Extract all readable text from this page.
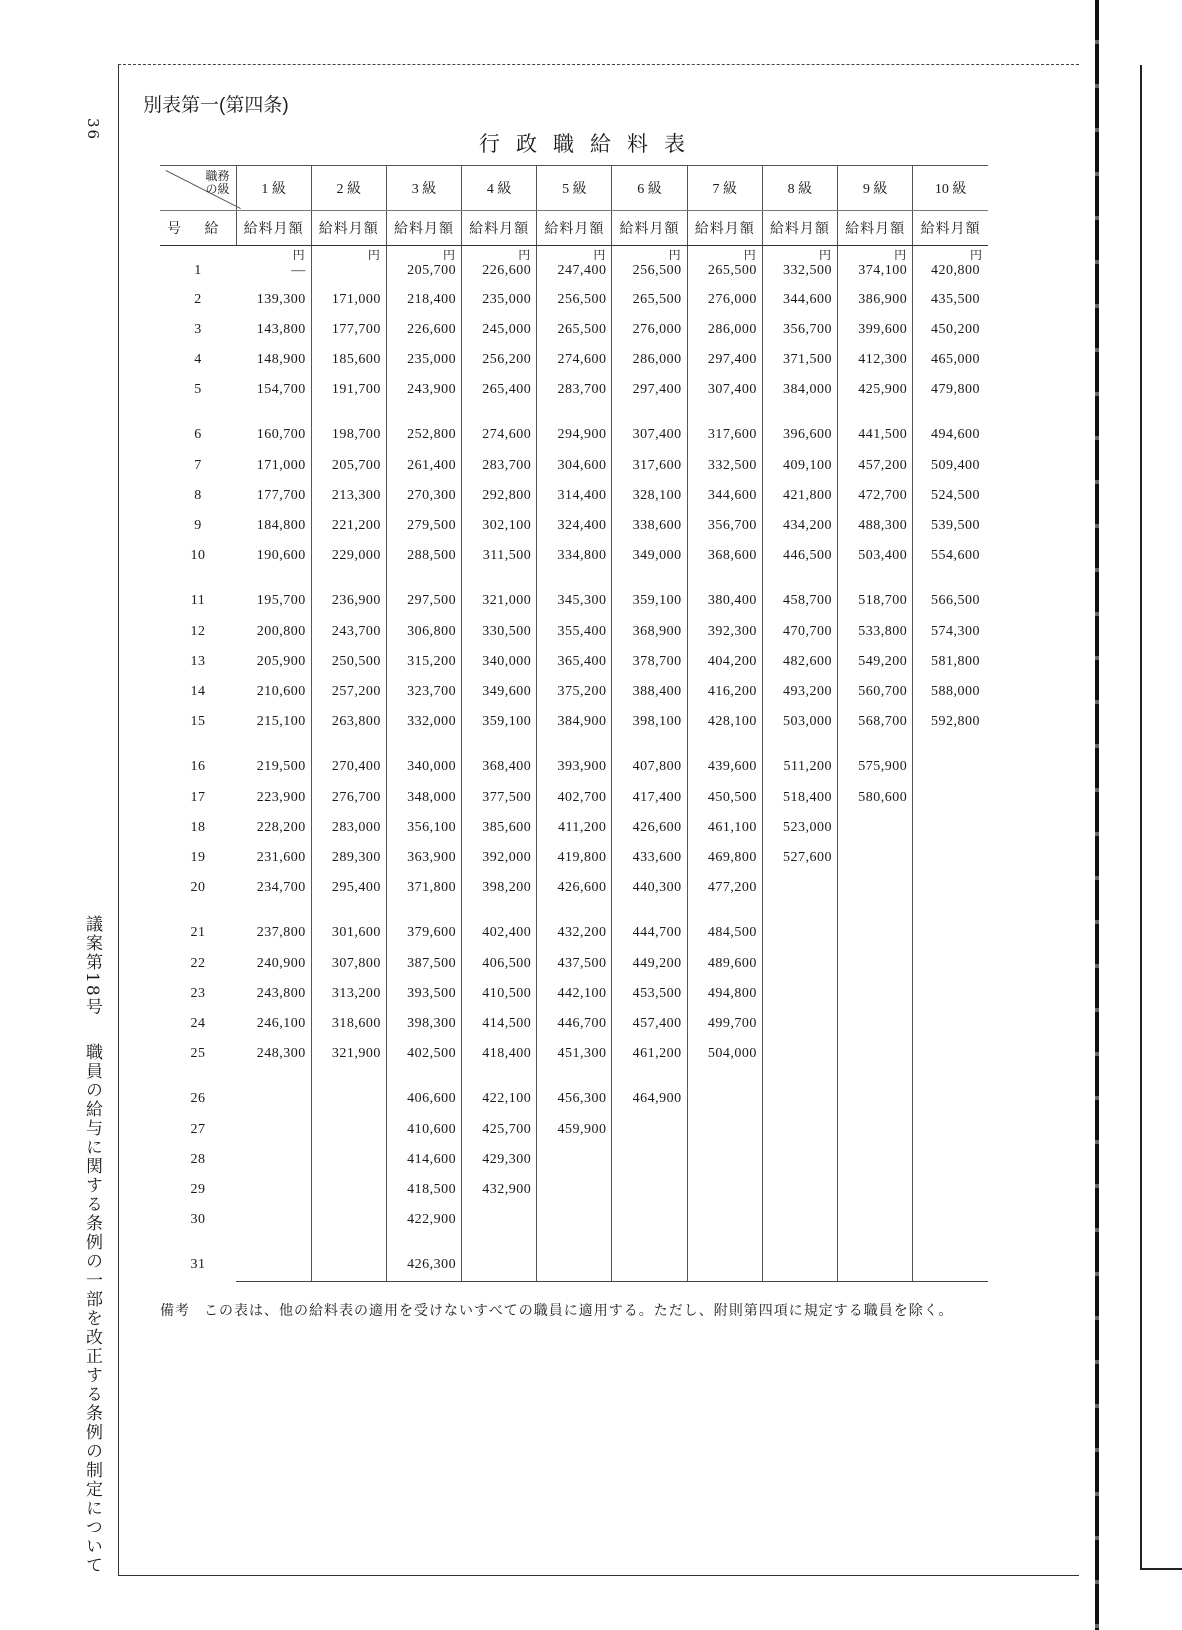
36
議案第18号職員の給与に関する条例の一部を改正する条例の制定について
別表第一(第四条)
行政職給料表
職務
の級	1 級	2 級	3 級	4 級	5 級	6 級	7 級	8 級	9 級	10 級
号 給	給料月額	給料月額	給料月額	給料月額	給料月額	給料月額	給料月額	給料月額	給料月額	給料月額
	円	円	円	円	円	円	円	円	円	円
1	—		205,700	226,600	247,400	256,500	265,500	332,500	374,100	420,800
2	139,300	171,000	218,400	235,000	256,500	265,500	276,000	344,600	386,900	435,500
3	143,800	177,700	226,600	245,000	265,500	276,000	286,000	356,700	399,600	450,200
4	148,900	185,600	235,000	256,200	274,600	286,000	297,400	371,500	412,300	465,000
5	154,700	191,700	243,900	265,400	283,700	297,400	307,400	384,000	425,900	479,800
6	160,700	198,700	252,800	274,600	294,900	307,400	317,600	396,600	441,500	494,600
7	171,000	205,700	261,400	283,700	304,600	317,600	332,500	409,100	457,200	509,400
8	177,700	213,300	270,300	292,800	314,400	328,100	344,600	421,800	472,700	524,500
9	184,800	221,200	279,500	302,100	324,400	338,600	356,700	434,200	488,300	539,500
10	190,600	229,000	288,500	311,500	334,800	349,000	368,600	446,500	503,400	554,600
11	195,700	236,900	297,500	321,000	345,300	359,100	380,400	458,700	518,700	566,500
12	200,800	243,700	306,800	330,500	355,400	368,900	392,300	470,700	533,800	574,300
13	205,900	250,500	315,200	340,000	365,400	378,700	404,200	482,600	549,200	581,800
14	210,600	257,200	323,700	349,600	375,200	388,400	416,200	493,200	560,700	588,000
15	215,100	263,800	332,000	359,100	384,900	398,100	428,100	503,000	568,700	592,800
16	219,500	270,400	340,000	368,400	393,900	407,800	439,600	511,200	575,900	
17	223,900	276,700	348,000	377,500	402,700	417,400	450,500	518,400	580,600	
18	228,200	283,000	356,100	385,600	411,200	426,600	461,100	523,000		
19	231,600	289,300	363,900	392,000	419,800	433,600	469,800	527,600		
20	234,700	295,400	371,800	398,200	426,600	440,300	477,200			
21	237,800	301,600	379,600	402,400	432,200	444,700	484,500			
22	240,900	307,800	387,500	406,500	437,500	449,200	489,600			
23	243,800	313,200	393,500	410,500	442,100	453,500	494,800			
24	246,100	318,600	398,300	414,500	446,700	457,400	499,700			
25	248,300	321,900	402,500	418,400	451,300	461,200	504,000			
26			406,600	422,100	456,300	464,900				
27			410,600	425,700	459,900					
28			414,600	429,300						
29			418,500	432,900						
30			422,900							
31			426,300							
備考 この表は、他の給料表の適用を受けないすべての職員に適用する。ただし、附則第四項に規定する職員を除く。
